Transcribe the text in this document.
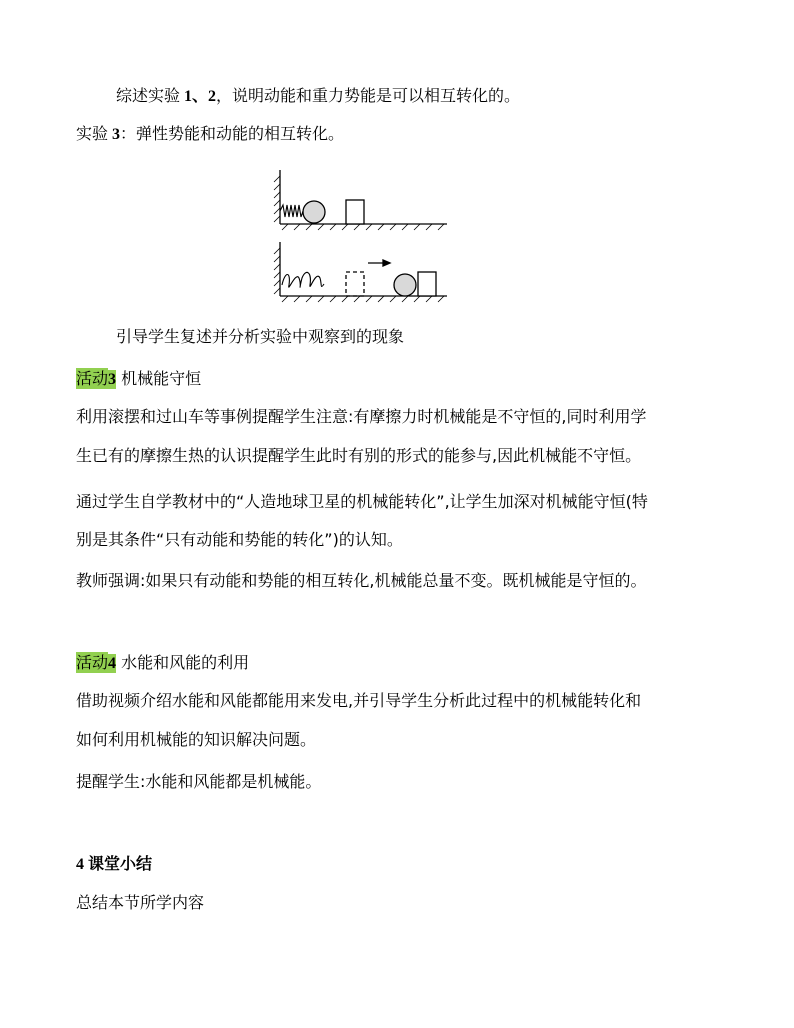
综述实验 1、2，说明动能和重力势能是可以相互转化的。
实验 3：弹性势能和动能的相互转化。
引导学生复述并分析实验中观察到的现象
活动3 机械能守恒
利用滚摆和过山车等事例提醒学生注意:有摩擦力时机械能是不守恒的,同时利用学
生已有的摩擦生热的认识提醒学生此时有别的形式的能参与,因此机械能不守恒。
通过学生自学教材中的“人造地球卫星的机械能转化”,让学生加深对机械能守恒(特
别是其条件“只有动能和势能的转化”)的认知。
教师强调:如果只有动能和势能的相互转化,机械能总量不变。既机械能是守恒的。
活动4 水能和风能的利用
借助视频介绍水能和风能都能用来发电,并引导学生分析此过程中的机械能转化和
如何利用机械能的知识解决问题。
提醒学生:水能和风能都是机械能。
4 课堂小结
总结本节所学内容
